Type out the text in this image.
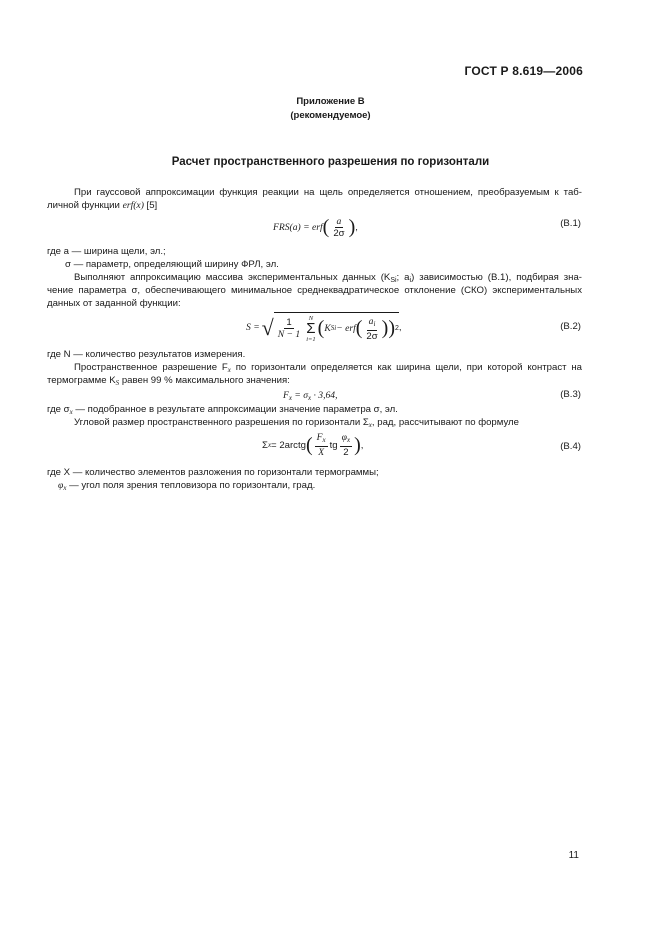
ГОСТ Р 8.619—2006
Приложение В
(рекомендуемое)
Расчет пространственного разрешения по горизонтали
При гауссовой аппроксимации функция реакции на щель определяется отношением, преобразуемым к таб-
личной функции erf(x) [5]
FRS(a) = erf ( $\frac{a}{2\sigma}$ ) ,	(В.1)
где a — ширина щели, эл.;
σ — параметр, определяющий ширину ФРЛ, эл.
Выполняют аппроксимацию массива экспериментальных данных ($K_{Si}$; $a_i$) зависимостью (В.1), подбирая зна-
чение параметра σ, обеспечивающего минимальное среднеквадратическое отклонение (СКО) экспериментальных
данных от заданной функции:
S = √ $\frac{1}{N - 1}$ N
Σ
i=1 ( K Si − erf ( $\frac{a_i}{2\sigma}$ ) ) 2 ,	(В.2)
где N — количество результатов измерения.
Пространственное разрешение $F_x$ по горизонтали определяется как ширина щели, при которой контраст на
термограмме $K_S$ равен 99 % максимального значения:
$F_x = \sigma_x \cdot 3,64$,	(В.3)
где $\sigma_x$ — подобранное в результате аппроксимации значение параметра σ, эл.
Угловой размер пространственного разрешения по горизонтали $\Sigma_x$, рад, рассчитывают по формуле
Σ x = 2arctg ( $\frac{F_x}{X}$ tg $\frac{\varphi_x}{2}$ ) ,	(В.4)
где X — количество элементов разложения по горизонтали термограммы;
$\varphi_x$ — угол поля зрения тепловизора по горизонтали, град.
11
